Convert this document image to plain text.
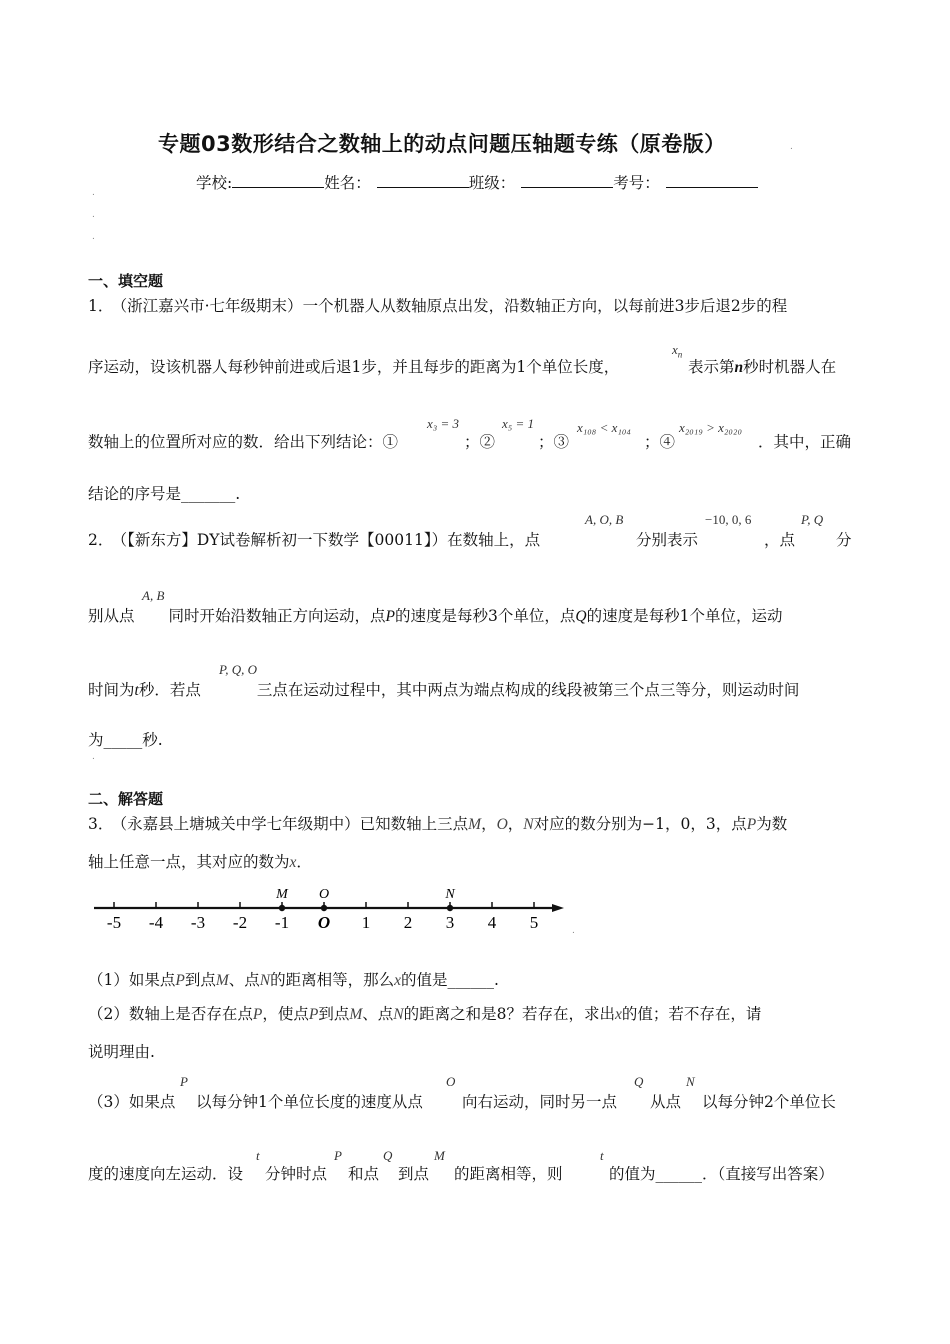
专题03数形结合之数轴上的动点问题压轴题专练（原卷版）	.
学校:	姓名：	班级：	考号：
.
.
.
一、填空题
1． （浙江嘉兴市·七年级期末）一个机器人从数轴原点出发，沿数轴正方向，以每前进3步后退2步的程
序运动，设该机器人每秒钟前进或后退1步，并且每步的距离为1个单位长度，
$x_n$
表示第n秒时机器人在
数轴上的位置所对应的数．给出下列结论：①
x₃ = 3
；②
x₅ = 1
；③
x₁₀₈ < x₁₀₄
；④
x₂₀₁₉ > x₂₀₂₀
．其中，正确
结论的序号是_______.
2． （【新东方】DY试卷解析初一下数学【00011】）在数轴上，点
A, O, B
分别表示
−10, 0, 6
，点
P, Q
分
A, B
别从点 同时开始沿数轴正方向运动，点P的速度是每秒3个单位，点Q的速度是每秒1个单位，运动
P, Q, O
时间为t秒．若点	三点在运动过程中，其中两点为端点构成的线段被第三个点三等分，则运动时间
为_____秒.
.
二、解答题
3． （永嘉县上塘城关中学七年级期中）已知数轴上三点M，O，N对应的数分别为−1，0，3，点P为数
轴上任意一点，其对应的数为x．
-5 -4 -3 -2 -1 O 1 2 3 4 5
M O	N
.
（1）如果点P到点M、点N的距离相等，那么x的值是______.
（2）数轴上是否存在点P，使点P到点M、点N的距离之和是8？若存在，求出x的值；若不存在，请
说明理由.
（3）如果点
P
以每分钟1个单位长度的速度从点
O
向右运动，同时另一点
Q
从点
N
以每分钟2个单位长
度的速度向左运动．设
t
分钟时点
P
和点
Q
到点
M
的距离相等，则
t
的值为______．（直接写出答案）
